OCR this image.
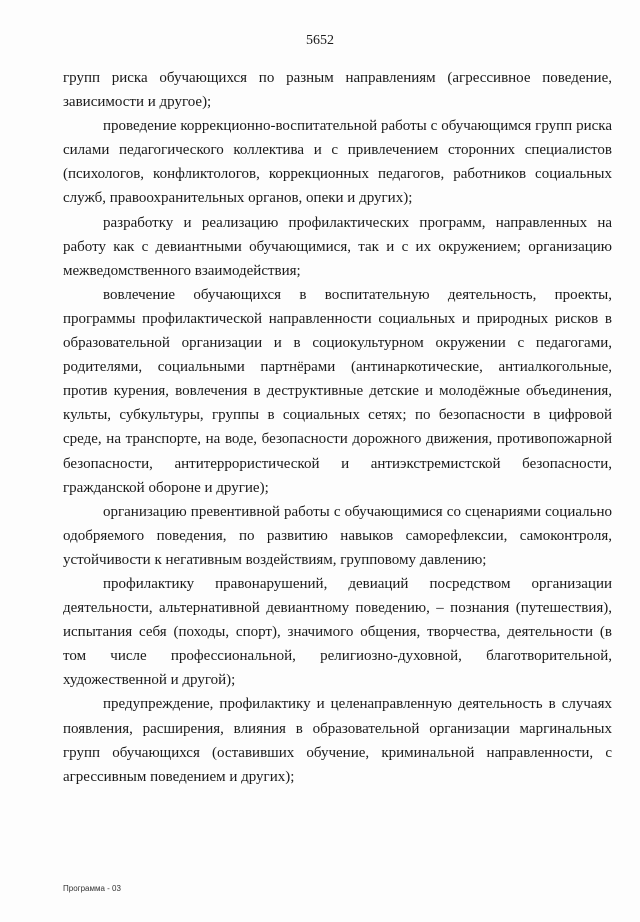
5652

групп риска обучающихся по разным направлениям (агрессивное поведение, зависимости и другое);

проведение коррекционно-воспитательной работы с обучающимся групп риска силами педагогического коллектива и с привлечением сторонних специалистов (психологов, конфликтологов, коррекционных педагогов, работников социальных служб, правоохранительных органов, опеки и других);

разработку и реализацию профилактических программ, направленных на работу как с девиантными обучающимися, так и с их окружением; организацию межведомственного взаимодействия;

вовлечение обучающихся в воспитательную деятельность, проекты, программы профилактической направленности социальных и природных рисков в образовательной организации и в социокультурном окружении с педагогами, родителями, социальными партнёрами (антинаркотические, антиалкогольные, против курения, вовлечения в деструктивные детские и молодёжные объединения, культы, субкультуры, группы в социальных сетях; по безопасности в цифровой среде, на транспорте, на воде, безопасности дорожного движения, противопожарной безопасности, антитеррористической и антиэкстремистской безопасности, гражданской обороне и другие);

организацию превентивной работы с обучающимися со сценариями социально одобряемого поведения, по развитию навыков саморефлексии, самоконтроля, устойчивости к негативным воздействиям, групповому давлению;

профилактику правонарушений, девиаций посредством организации деятельности, альтернативной девиантному поведению, – познания (путешествия), испытания себя (походы, спорт), значимого общения, творчества, деятельности (в том числе профессиональной, религиозно-духовной, благотворительной, художественной и другой);

предупреждение, профилактику и целенаправленную деятельность в случаях появления, расширения, влияния в образовательной организации маргинальных групп обучающихся (оставивших обучение, криминальной направленности, с агрессивным поведением и других);

Программа - 03
